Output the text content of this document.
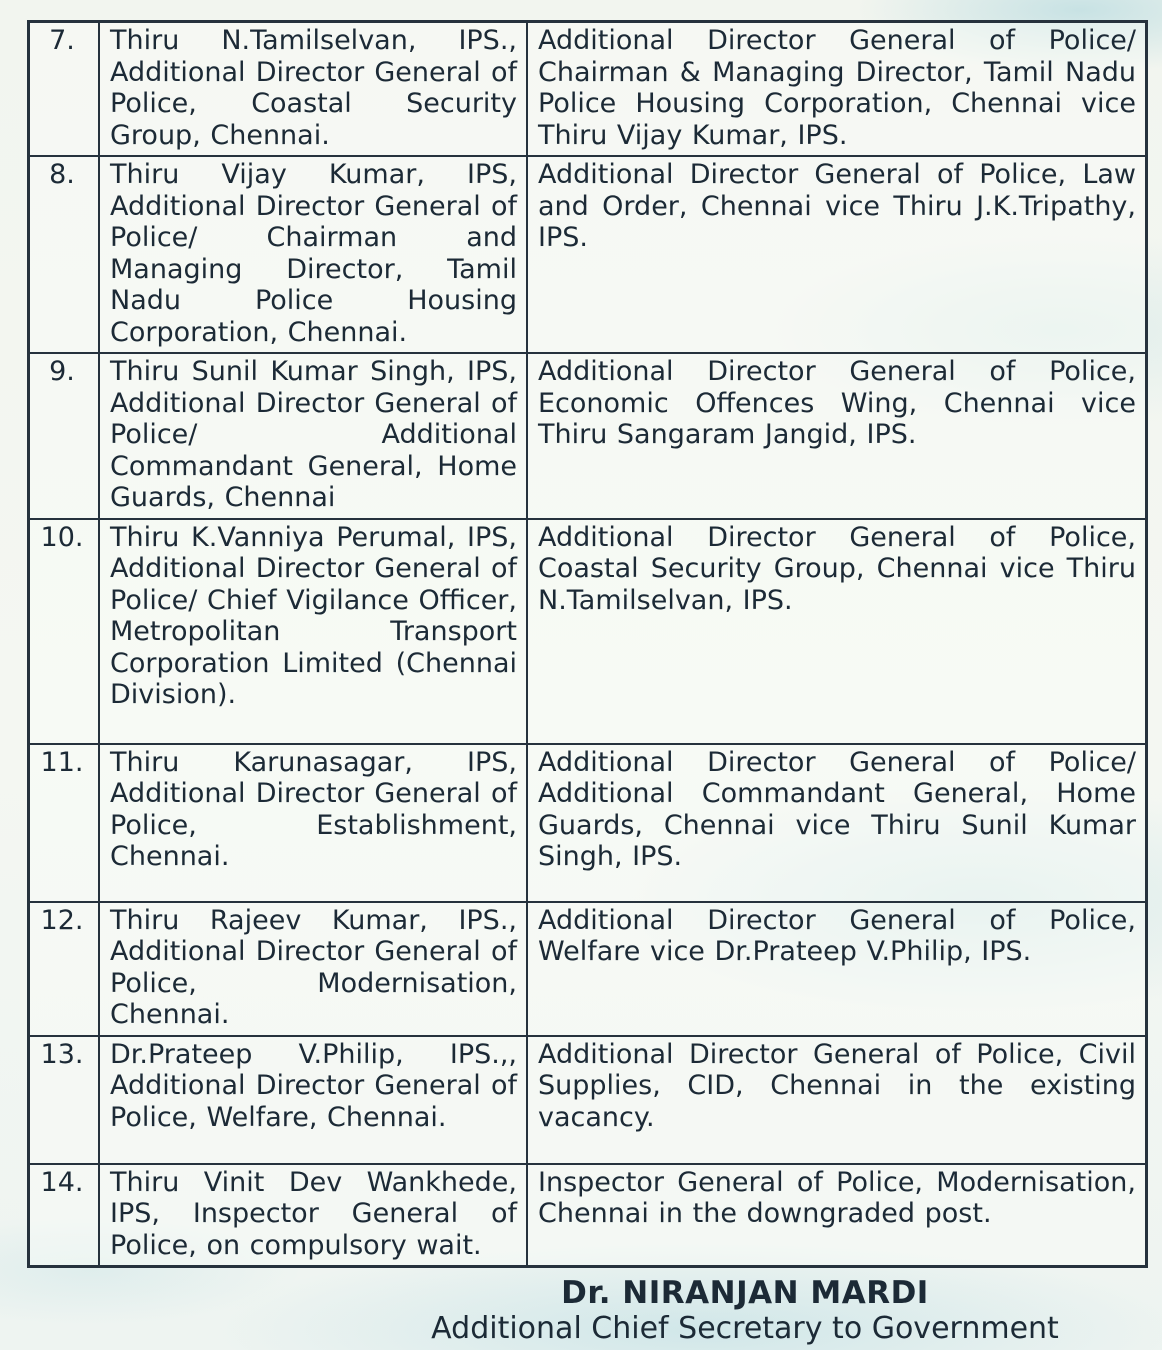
7.	Thiru N.Tamilselvan, IPS., Additional Director General of Police, Coastal Security Group, Chennai.
Additional Director General of Police/ Chairman & Managing Director, Tamil Nadu Police Housing Corporation, Chennai vice Thiru Vijay Kumar, IPS.
8.	Thiru Vijay Kumar, IPS, Additional Director General of Police/ Chairman and Managing Director, Tamil Nadu Police Housing Corporation, Chennai.
Additional Director General of Police, Law and Order, Chennai vice Thiru J.K.Tripathy, IPS.
9.	Thiru Sunil Kumar Singh, IPS, Additional Director General of Police/ Additional Commandant General, Home Guards, Chennai
Additional Director General of Police, Economic Offences Wing, Chennai vice Thiru Sangaram Jangid, IPS.
10. Thiru K.Vanniya Perumal, IPS, Additional Director General of Police/ Chief Vigilance Officer, Metropolitan Transport Corporation Limited (Chennai Division).
Additional Director General of Police, Coastal Security Group, Chennai vice Thiru N.Tamilselvan, IPS.
11. Thiru Karunasagar, IPS, Additional Director General of Police, Establishment, Chennai.
Additional Director General of Police/ Additional Commandant General, Home Guards, Chennai vice Thiru Sunil Kumar Singh, IPS.
12. Thiru Rajeev Kumar, IPS., Additional Director General of Police, Modernisation, Chennai.
Additional Director General of Police, Welfare vice Dr.Prateep V.Philip, IPS.
13. Dr.Prateep V.Philip, IPS.,, Additional Director General of Police, Welfare, Chennai.
Additional Director General of Police, Civil Supplies, CID, Chennai in the existing vacancy.
14. Thiru Vinit Dev Wankhede, IPS, Inspector General of Police, on compulsory wait.
Inspector General of Police, Modernisation, Chennai in the downgraded post.
Dr. NIRANJAN MARDI
Additional Chief Secretary to Government
